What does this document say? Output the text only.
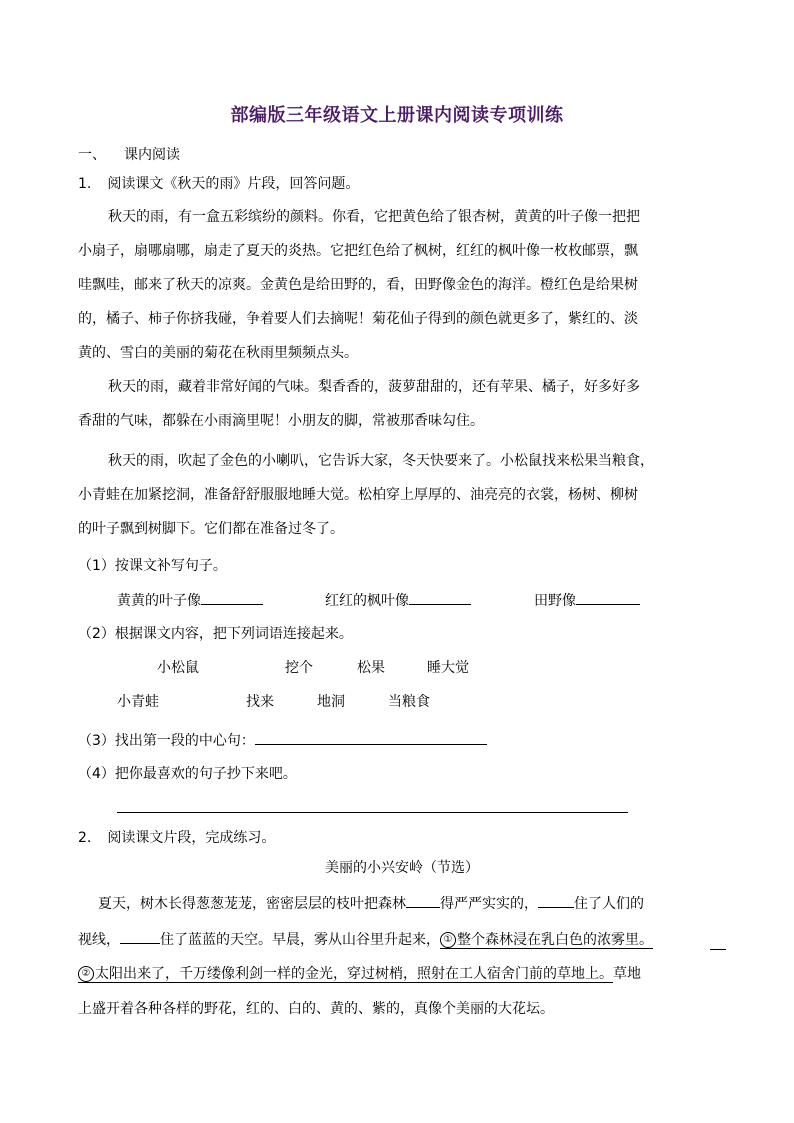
部编版三年级语文上册课内阅读专项训练
一、 课内阅读
1. 阅读课文《秋天的雨》片段，回答问题。
秋天的雨，有一盒五彩缤纷的颜料。你看，它把黄色给了银杏树，黄黄的叶子像一把把
小扇子，扇哪扇哪，扇走了夏天的炎热。它把红色给了枫树，红红的枫叶像一枚枚邮票，飘
哇飘哇，邮来了秋天的凉爽。金黄色是给田野的，看，田野像金色的海洋。橙红色是给果树
的，橘子、柿子你挤我碰，争着要人们去摘呢！菊花仙子得到的颜色就更多了，紫红的、淡
黄的、雪白的美丽的菊花在秋雨里频频点头。
秋天的雨，藏着非常好闻的气味。梨香香的，菠萝甜甜的，还有苹果、橘子，好多好多
香甜的气味，都躲在小雨滴里呢！小朋友的脚，常被那香味勾住。
秋天的雨，吹起了金色的小喇叭，它告诉大家，冬天快要来了。小松鼠找来松果当粮食，
小青蛙在加紧挖洞，准备舒舒服服地睡大觉。松柏穿上厚厚的、油亮亮的衣裳，杨树、柳树
的叶子飘到树脚下。它们都在准备过冬了。
（1）按课文补写句子。
黄黄的叶子像	红红的枫叶像	田野像
（2）根据课文内容，把下列词语连接起来。
小松鼠	挖个	松果	睡大觉
小青蛙	找来	地洞	当粮食
（3）找出第一段的中心句：
（4）把你最喜欢的句子抄下来吧。
2. 阅读课文片段，完成练习。
美丽的小兴安岭（节选）
夏天，树木长得葱葱茏茏，密密层层的枝叶把森林 得严严实实的，	住了人们的
视线，	住了蓝蓝的天空。早晨，雾从山谷里升起来， ① 整个森林浸在乳白色的浓雾里。
② 太阳出来了，千万缕像利剑一样的金光，穿过树梢，照射在工人宿舍门前的草地上。草地
上盛开着各种各样的野花，红的、白的、黄的、紫的，真像个美丽的大花坛。
